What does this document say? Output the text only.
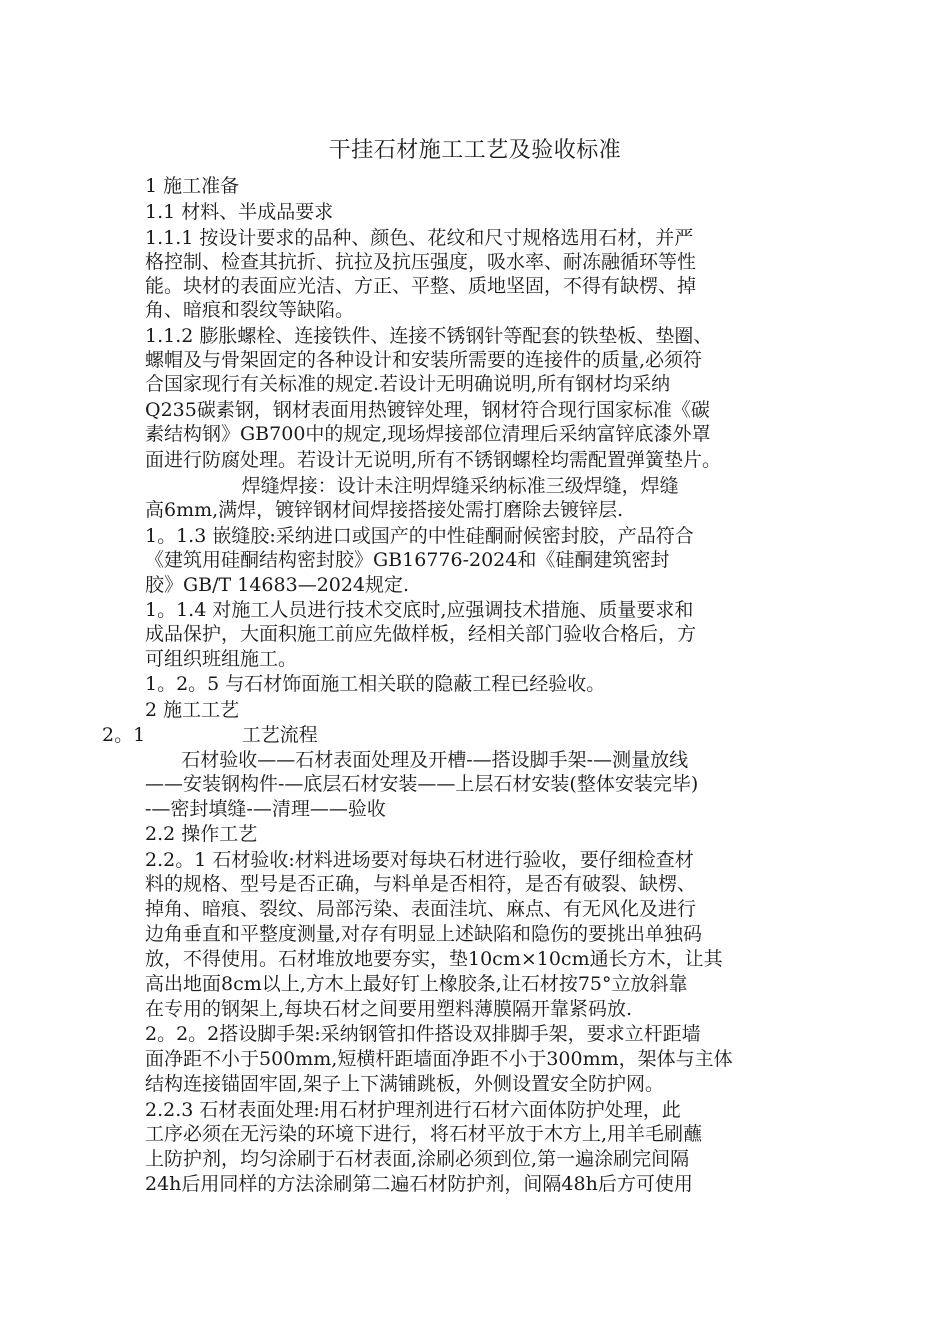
干挂石材施工工艺及验收标准
1 施工准备
1.1 材料、半成品要求
1.1.1 按设计要求的品种、颜色、花纹和尺寸规格选用石材，并严
格控制、检查其抗折、抗拉及抗压强度，吸水率、耐冻融循环等性
能。块材的表面应光洁、方正、平整、质地坚固，不得有缺楞、掉
角、暗痕和裂纹等缺陷。
1.1.2 膨胀螺栓、连接铁件、连接不锈钢针等配套的铁垫板、垫圈、
螺帽及与骨架固定的各种设计和安装所需要的连接件的质量,必须符
合国家现行有关标准的规定.若设计无明确说明,所有钢材均采纳
Q235碳素钢，钢材表面用热镀锌处理，钢材符合现行国家标准《碳
素结构钢》GB700中的规定,现场焊接部位清理后采纳富锌底漆外罩
面进行防腐处理。若设计无说明,所有不锈钢螺栓均需配置弹簧垫片。
焊缝焊接：设计未注明焊缝采纳标准三级焊缝，焊缝
高6mm,满焊，镀锌钢材间焊接搭接处需打磨除去镀锌层.
1。1.3 嵌缝胶:采纳进口或国产的中性硅酮耐候密封胶，产品符合
《建筑用硅酮结构密封胶》GB16776-2024和《硅酮建筑密封
胶》GB/T 14683—2024规定.
1。1.4 对施工人员进行技术交底时,应强调技术措施、质量要求和
成品保护，大面积施工前应先做样板，经相关部门验收合格后，方
可组织班组施工。
1。2。5 与石材饰面施工相关联的隐蔽工程已经验收。
2 施工工艺
2。1                工艺流程
石材验收——石材表面处理及开槽-—搭设脚手架-—测量放线
——安装钢构件-—底层石材安装——上层石材安装(整体安装完毕)
-—密封填缝-—清理——验收
2.2 操作工艺
2.2。1 石材验收:材料进场要对每块石材进行验收，要仔细检查材
料的规格、型号是否正确，与料单是否相符，是否有破裂、缺楞、
掉角、暗痕、裂纹、局部污染、表面洼坑、麻点、有无风化及进行
边角垂直和平整度测量,对存有明显上述缺陷和隐伤的要挑出单独码
放，不得使用。石材堆放地要夯实，垫10cm×10cm通长方木，让其
高出地面8cm以上,方木上最好钉上橡胶条,让石材按75°立放斜靠
在专用的钢架上,每块石材之间要用塑料薄膜隔开靠紧码放.
2。2。2搭设脚手架:采纳钢管扣件搭设双排脚手架，要求立杆距墙
面净距不小于500mm,短横杆距墙面净距不小于300mm，架体与主体
结构连接锚固牢固,架子上下满铺跳板，外侧设置安全防护网。
2.2.3 石材表面处理:用石材护理剂进行石材六面体防护处理，此
工序必须在无污染的环境下进行，将石材平放于木方上,用羊毛刷蘸
上防护剂，均匀涂刷于石材表面,涂刷必须到位,第一遍涂刷完间隔
24h后用同样的方法涂刷第二遍石材防护剂，间隔48h后方可使用
